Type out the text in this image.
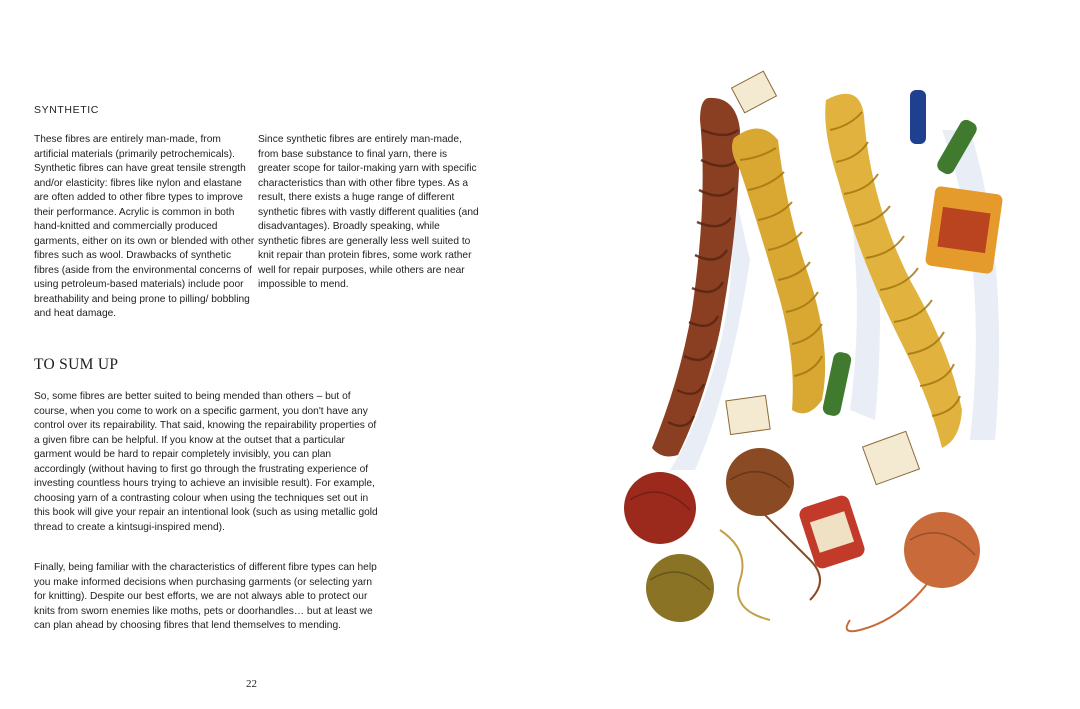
SYNTHETIC

These fibres are entirely man-made, from artificial materials (primarily petrochemicals). Synthetic fibres can have great tensile strength and/or elasticity: fibres like nylon and elastane are often added to other fibre types to improve their performance. Acrylic is common in both hand-knitted and commercially produced garments, either on its own or blended with other fibres such as wool. Drawbacks of synthetic fibres (aside from the environmental concerns of using petroleum-based materials) include poor breathability and being prone to pilling/ bobbling and heat damage.

Since synthetic fibres are entirely man-made, from base substance to final yarn, there is greater scope for tailor-making yarn with specific characteristics than with other fibre types. As a result, there exists a huge range of different synthetic fibres with vastly different qualities (and disadvantages). Broadly speaking, while synthetic fibres are generally less well suited to knit repair than protein fibres, some work rather well for repair purposes, while others are near impossible to mend.

TO SUM UP

So, some fibres are better suited to being mended than others – but of course, when you come to work on a specific garment, you don't have any control over its repairability. That said, knowing the repairability properties of a given fibre can be helpful. If you know at the outset that a particular garment would be hard to repair completely invisibly, you can plan accordingly (without having to first go through the frustrating experience of investing countless hours trying to achieve an invisible result). For example, choosing yarn of a contrasting colour when using the techniques set out in this book will give your repair an intentional look (such as using metallic gold thread to create a kintsugi-inspired mend).

Finally, being familiar with the characteristics of different fibre types can help you make informed decisions when purchasing garments (or selecting yarn for knitting). Despite our best efforts, we are not always able to protect our knits from sworn enemies like moths, pets or doorhandles… but at least we can plan ahead by choosing fibres that lend themselves to mending.

22
